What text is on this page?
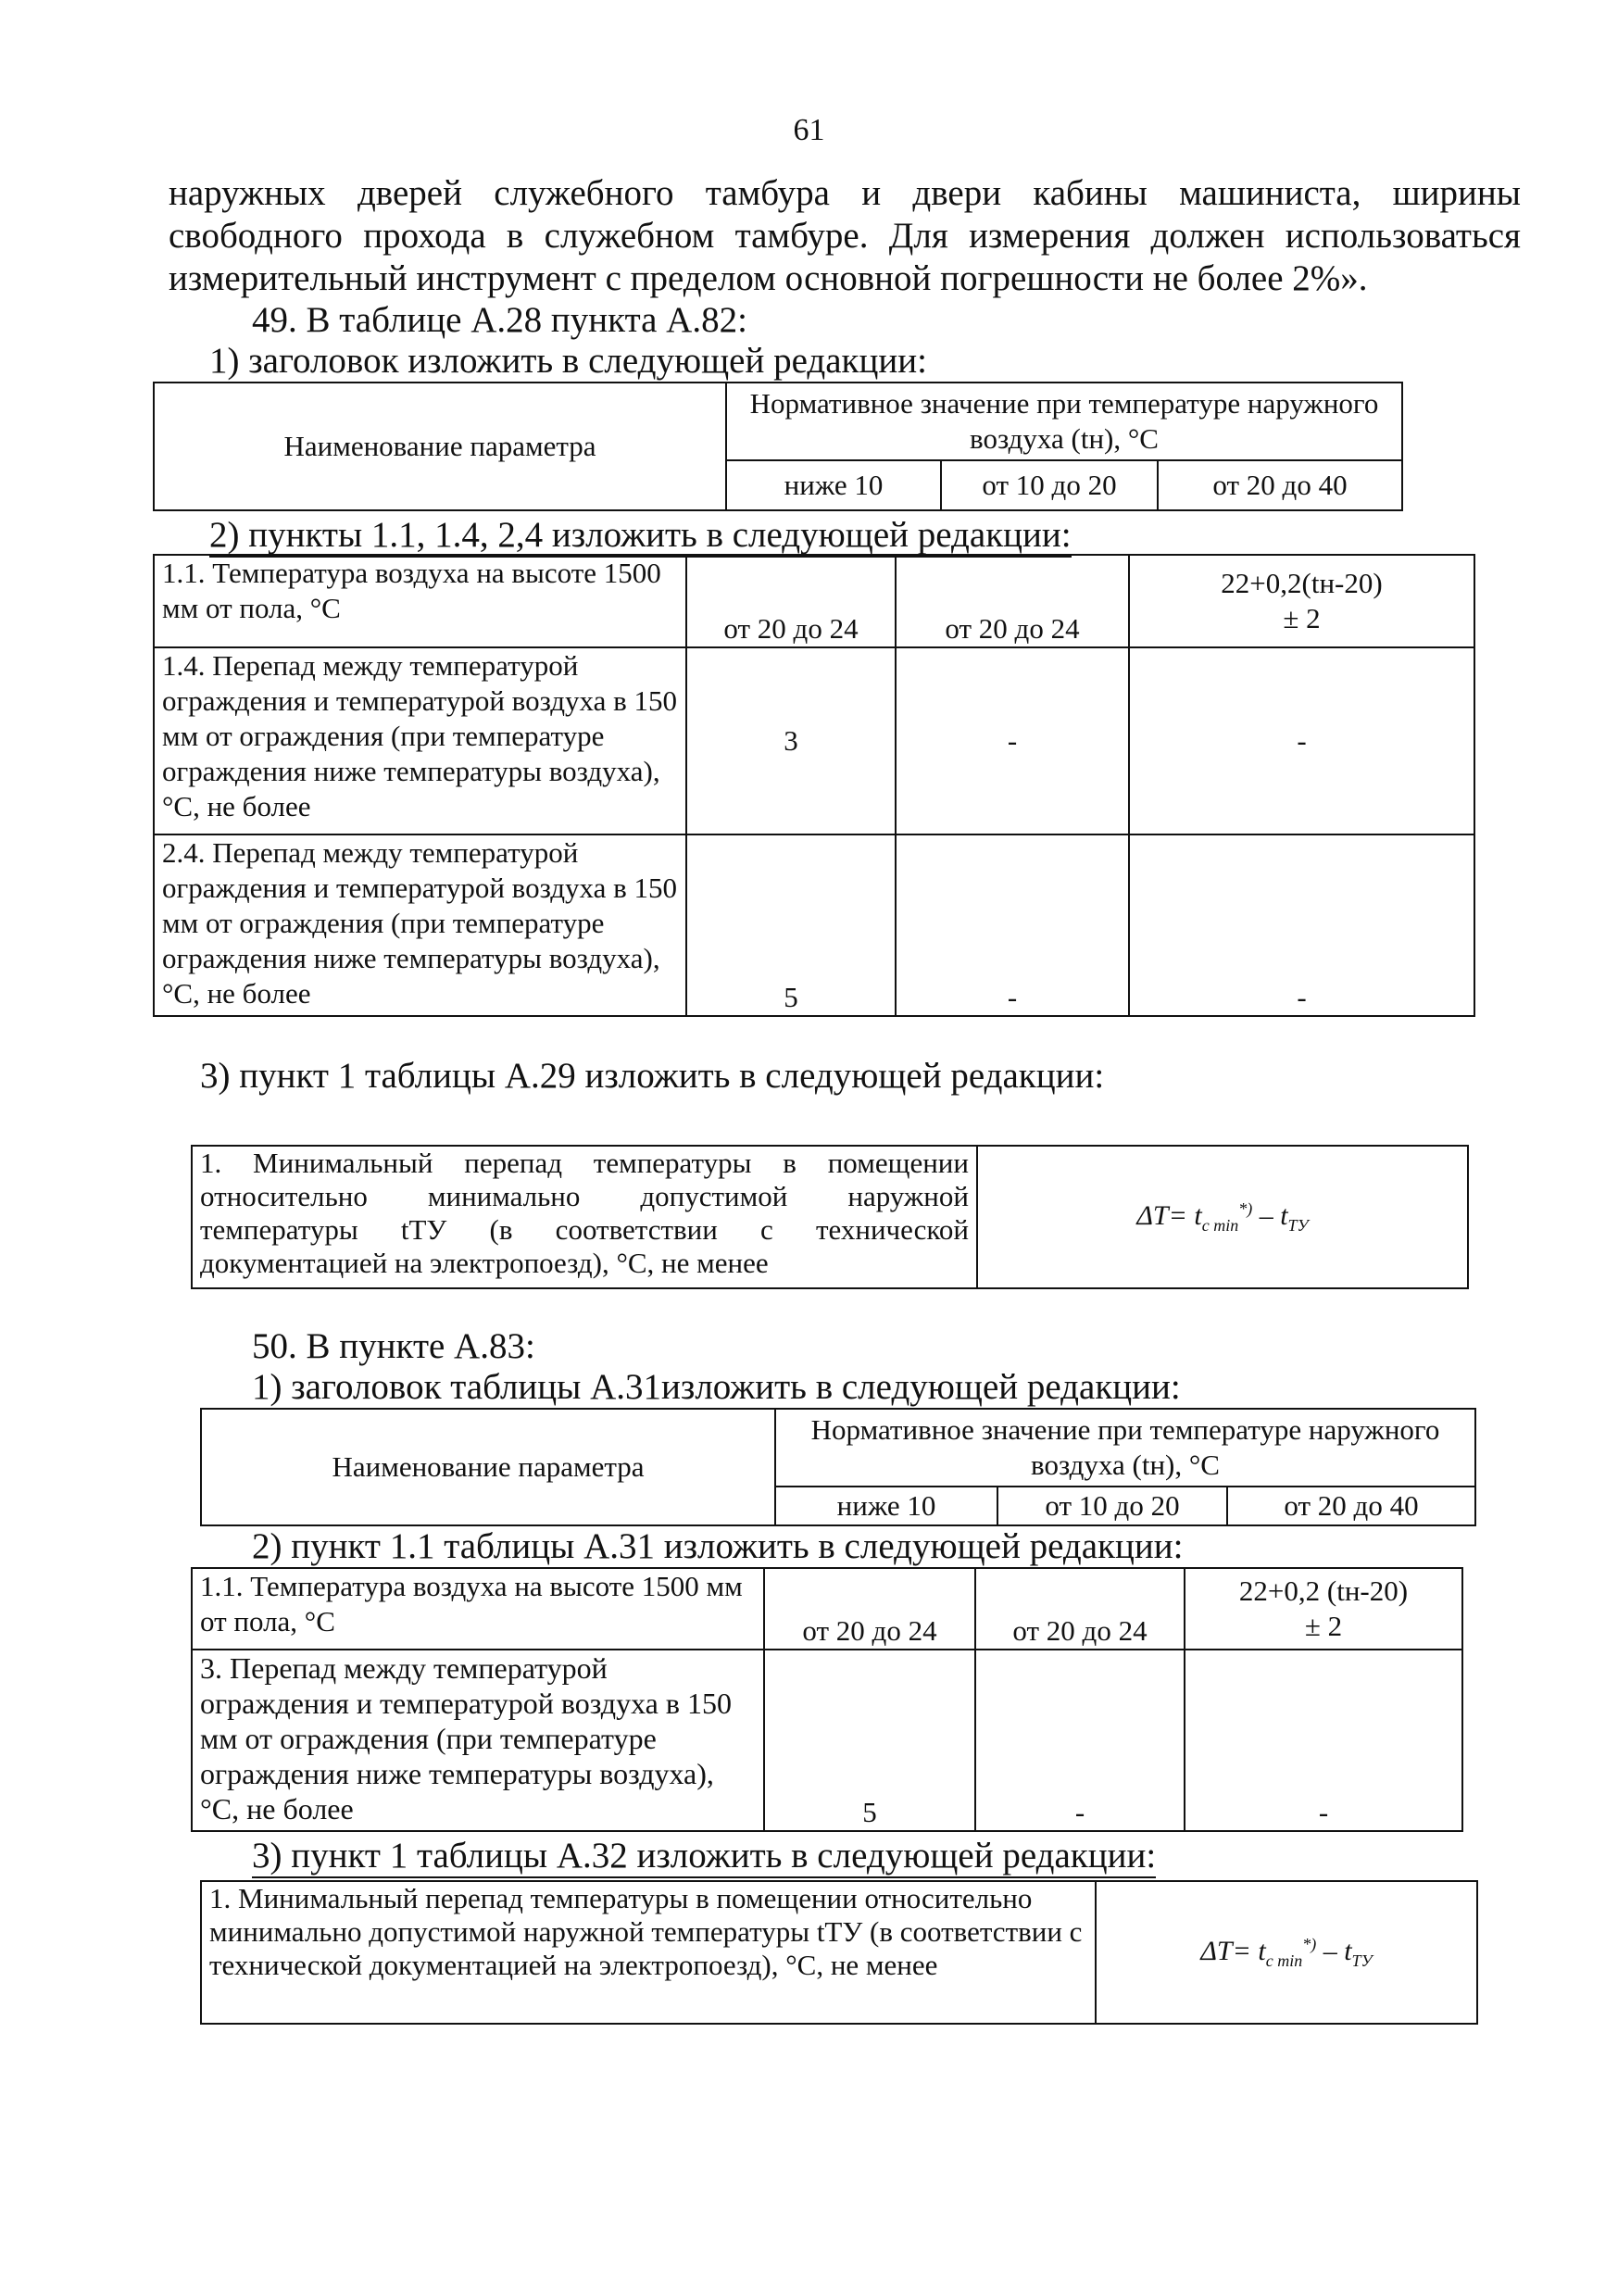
61
наружных дверей служебного тамбура и двери кабины машиниста, ширины свободного прохода в служебном тамбуре. Для измерения должен использоваться измерительный инструмент с пределом основной погрешности не более 2%».
49. В таблице А.28 пункта А.82:
1) заголовок изложить в следующей редакции:
Наименование параметра	Нормативное значение при температуре наружного воздуха (tн), °С		
	ниже 10	от 10 до 20	от 20 до 40
2) пункты 1.1, 1.4, 2,4 изложить в следующей редакции:
1.1. Температура воздуха на высоте 1500 мм от пола, °С	от 20 до 24	от 20 до 24	22+0,2(tн-20)
± 2

1.4. Перепад между температурой ограждения и температурой воздуха в 150 мм от ограждения (при температуре ограждения ниже температуры воздуха), °С, не более	3	-	-
2.4. Перепад между температурой ограждения и температурой воздуха в 150 мм от ограждения (при температуре ограждения ниже температуры воздуха), °С, не более	5	-	-
3) пункт 1 таблицы А.29 изложить в следующей редакции:
1. Минимальный перепад температуры в помещении относительно минимально допустимой наружной температуры tТУ (в соответствии с технической документацией на электропоезд), °С, не менее	$\Delta T= t_{c min}^{*)} - t_{ТУ}$
50. В пункте А.83:
1) заголовок таблицы А.31изложить в следующей редакции:
Наименование параметра	Нормативное значение при температуре наружного воздуха (tн), °С		
	ниже 10	от 10 до 20	от 20 до 40
2) пункт 1.1 таблицы А.31 изложить в следующей редакции:
1.1. Температура воздуха на высоте 1500 мм от пола, °С	от 20 до 24	от 20 до 24	22+0,2 (tн-20)
± 2

3. Перепад между температурой ограждения и температурой воздуха в 150 мм от ограждения (при температуре ограждения ниже температуры воздуха), °С, не более	5	-	-
3) пункт 1 таблицы А.32 изложить в следующей редакции:
1. Минимальный перепад температуры в помещении относительно минимально допустимой наружной температуры tТУ (в соответствии с технической документацией на электропоезд), °С, не менее	$\Delta T= t_{c min}^{*)} - t_{ТУ}$
